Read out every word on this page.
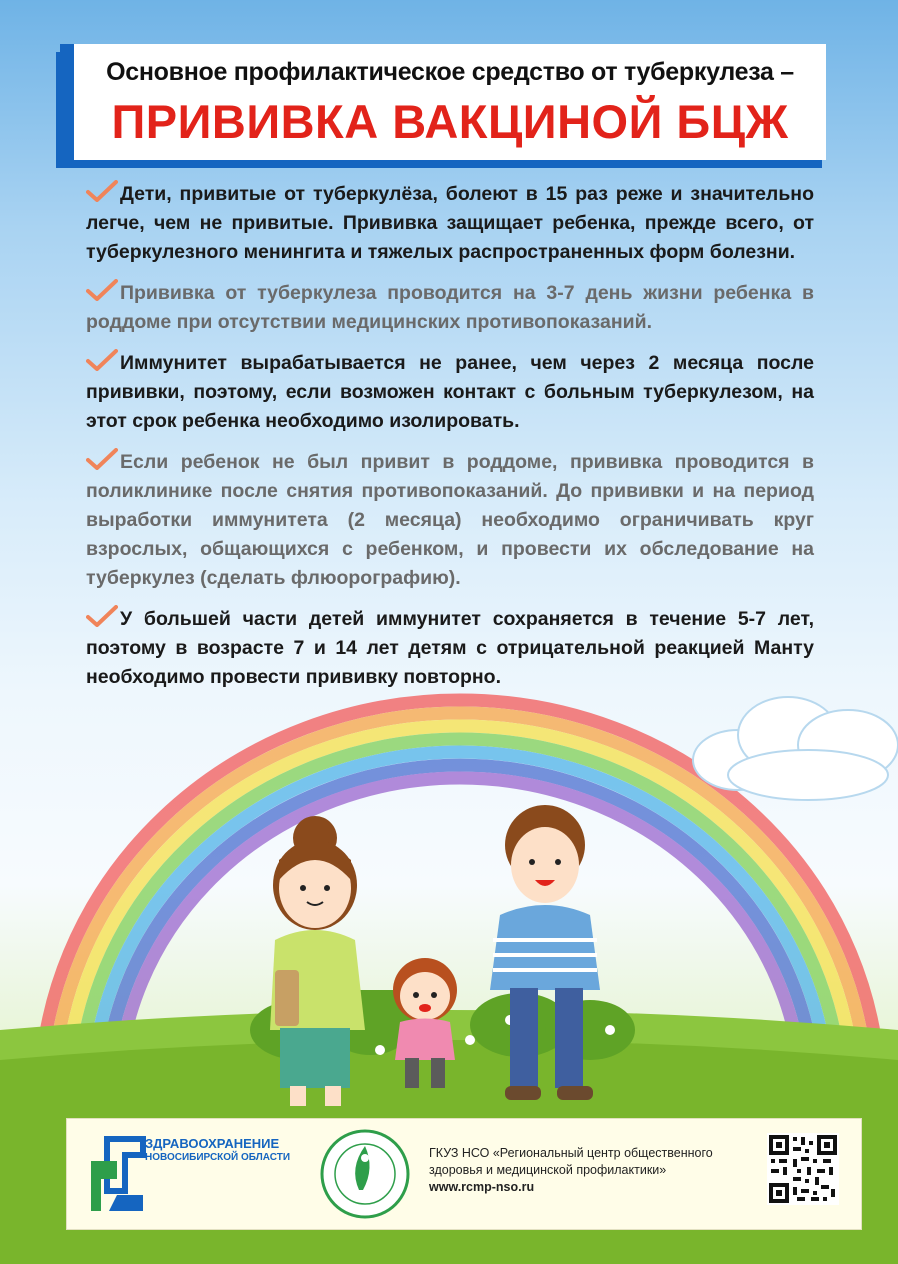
Основное профилактическое средство от туберкулеза –
ПРИВИВКА ВАКЦИНОЙ БЦЖ
Дети, привитые от туберкулёза, болеют в 15 раз реже и значительно легче, чем не привитые. Прививка защищает ребенка, прежде всего, от туберкулезного менингита и тяжелых распространенных форм болезни.
Прививка от туберкулеза проводится на 3-7 день жизни ребенка в роддоме при отсутствии медицинских противопоказаний.
Иммунитет вырабатывается не ранее, чем через 2 месяца после прививки, поэтому, если возможен контакт с больным туберкулезом, на этот срок ребенка необходимо изолировать.
Если ребенок не был привит в роддоме, прививка проводится в поликлинике после снятия противопоказаний. До прививки и на период выработки иммунитета (2 месяца) необходимо ограничивать круг взрослых, общающихся с ребенком, и провести их обследование на туберкулез (сделать флюорографию).
У большей части детей иммунитет сохраняется в течение 5-7 лет, поэтому в возрасте 7 и 14 лет детям с отрицательной реакцией Манту необходимо провести прививку повторно.
ЗДРАВООХРАНЕНИЕ
НОВОСИБИРСКОЙ ОБЛАСТИ	ГКУЗ НСО «Региональный центр общественного здоровья и медицинской профилактики»
www.rcmp-nso.ru
